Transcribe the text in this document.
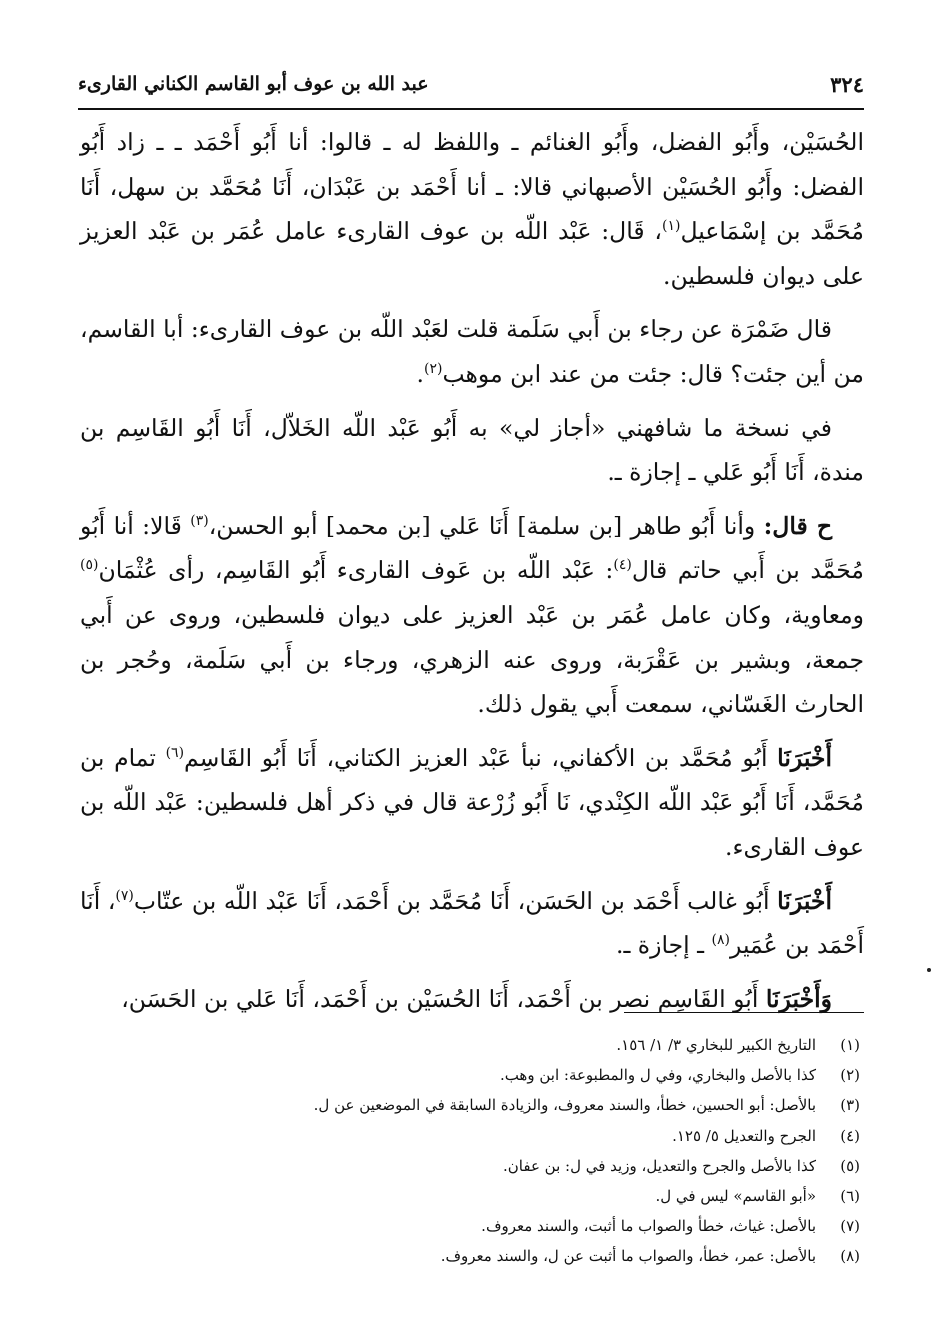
٣٢٤
عبد الله بن عوف أبو القاسم الكناني القارىء

الحُسَيْن، وأَبُو الفضل، وأَبُو الغنائم ـ واللفظ له ـ قالوا: أنا أَبُو أَحْمَد ـ ـ زاد أَبُو الفضل: وأَبُو الحُسَيْن الأصبهاني قالا: ـ أنا أَحْمَد بن عَبْدَان، أَنَا مُحَمَّد بن سهل، أَنَا مُحَمَّد بن إسْمَاعيل$^{(١)}$، قَال: عَبْد اللّه بن عوف القارىء عامل عُمَر بن عَبْد العزيز على ديوان فلسطين.

قال ضَمْرَة عن رجاء بن أَبي سَلَمة قلت لعَبْد اللّه بن عوف القارىء: أبا القاسم، من أين جئت؟ قال: جئت من عند ابن موهب$^{(٢)}$.

في نسخة ما شافهني «أجاز لي» به أَبُو عَبْد اللّه الخَلاّل، أَنَا أَبُو القَاسِم بن مندة، أَنَا أَبُو عَلي ـ إجازة ـ.

ح قال: وأنا أَبُو طاهر [بن سلمة] أَنَا عَلي [بن محمد] أبو الحسن،$^{(٣)}$ قَالا: أنا أَبُو مُحَمَّد بن أَبي حاتم قال$^{(٤)}$: عَبْد اللّه بن عَوف القارىء أَبُو القَاسِم، رأى عُثْمَان$^{(٥)}$ ومعاوية، وكان عامل عُمَر بن عَبْد العزيز على ديوان فلسطين، وروى عن أَبي جمعة، وبشير بن عَقْرَبة، وروى عنه الزهري، ورجاء بن أَبي سَلَمة، وحُجر بن الحارث الغَسّاني، سمعت أَبي يقول ذلك.

أَخْبَرَنَا أَبُو مُحَمَّد بن الأكفاني، نبأ عَبْد العزيز الكتاني، أَنَا أَبُو القَاسِم$^{(٦)}$ تمام بن مُحَمَّد، أَنَا أَبُو عَبْد اللّه الكِنْدي، نَا أَبُو زُرْعة قال في ذكر أهل فلسطين: عَبْد اللّه بن عوف القارىء.

أَخْبَرَنَا أَبُو غالب أَحْمَد بن الحَسَن، أَنَا مُحَمَّد بن أَحْمَد، أَنَا عَبْد اللّه بن عتّاب$^{(٧)}$، أَنَا أَحْمَد بن عُمَير$^{(٨)}$ ـ إجازة ـ.

وَأَخْبَرَنَا أَبُو القَاسِم نصر بن أَحْمَد، أَنَا الحُسَيْن بن أَحْمَد، أَنَا عَلي بن الحَسَن،

(١)
التاريخ الكبير للبخاري ٣/ ١/ ١٥٦.
(٢)
كذا بالأصل والبخاري، وفي ل والمطبوعة: ابن وهب.
(٣)
بالأصل: أبو الحسين، خطأ، والسند معروف، والزيادة السابقة في الموضعين عن ل.
(٤)
الجرح والتعديل ٥/ ١٢٥.
(٥)
كذا بالأصل والجرح والتعديل، وزيد في ل: بن عفان.
(٦)
«أبو القاسم» ليس في ل.
(٧)
بالأصل: غياث، خطأ والصواب ما أثبت، والسند معروف.
(٨)
بالأصل: عمر، خطأ، والصواب ما أثبت عن ل، والسند معروف.
